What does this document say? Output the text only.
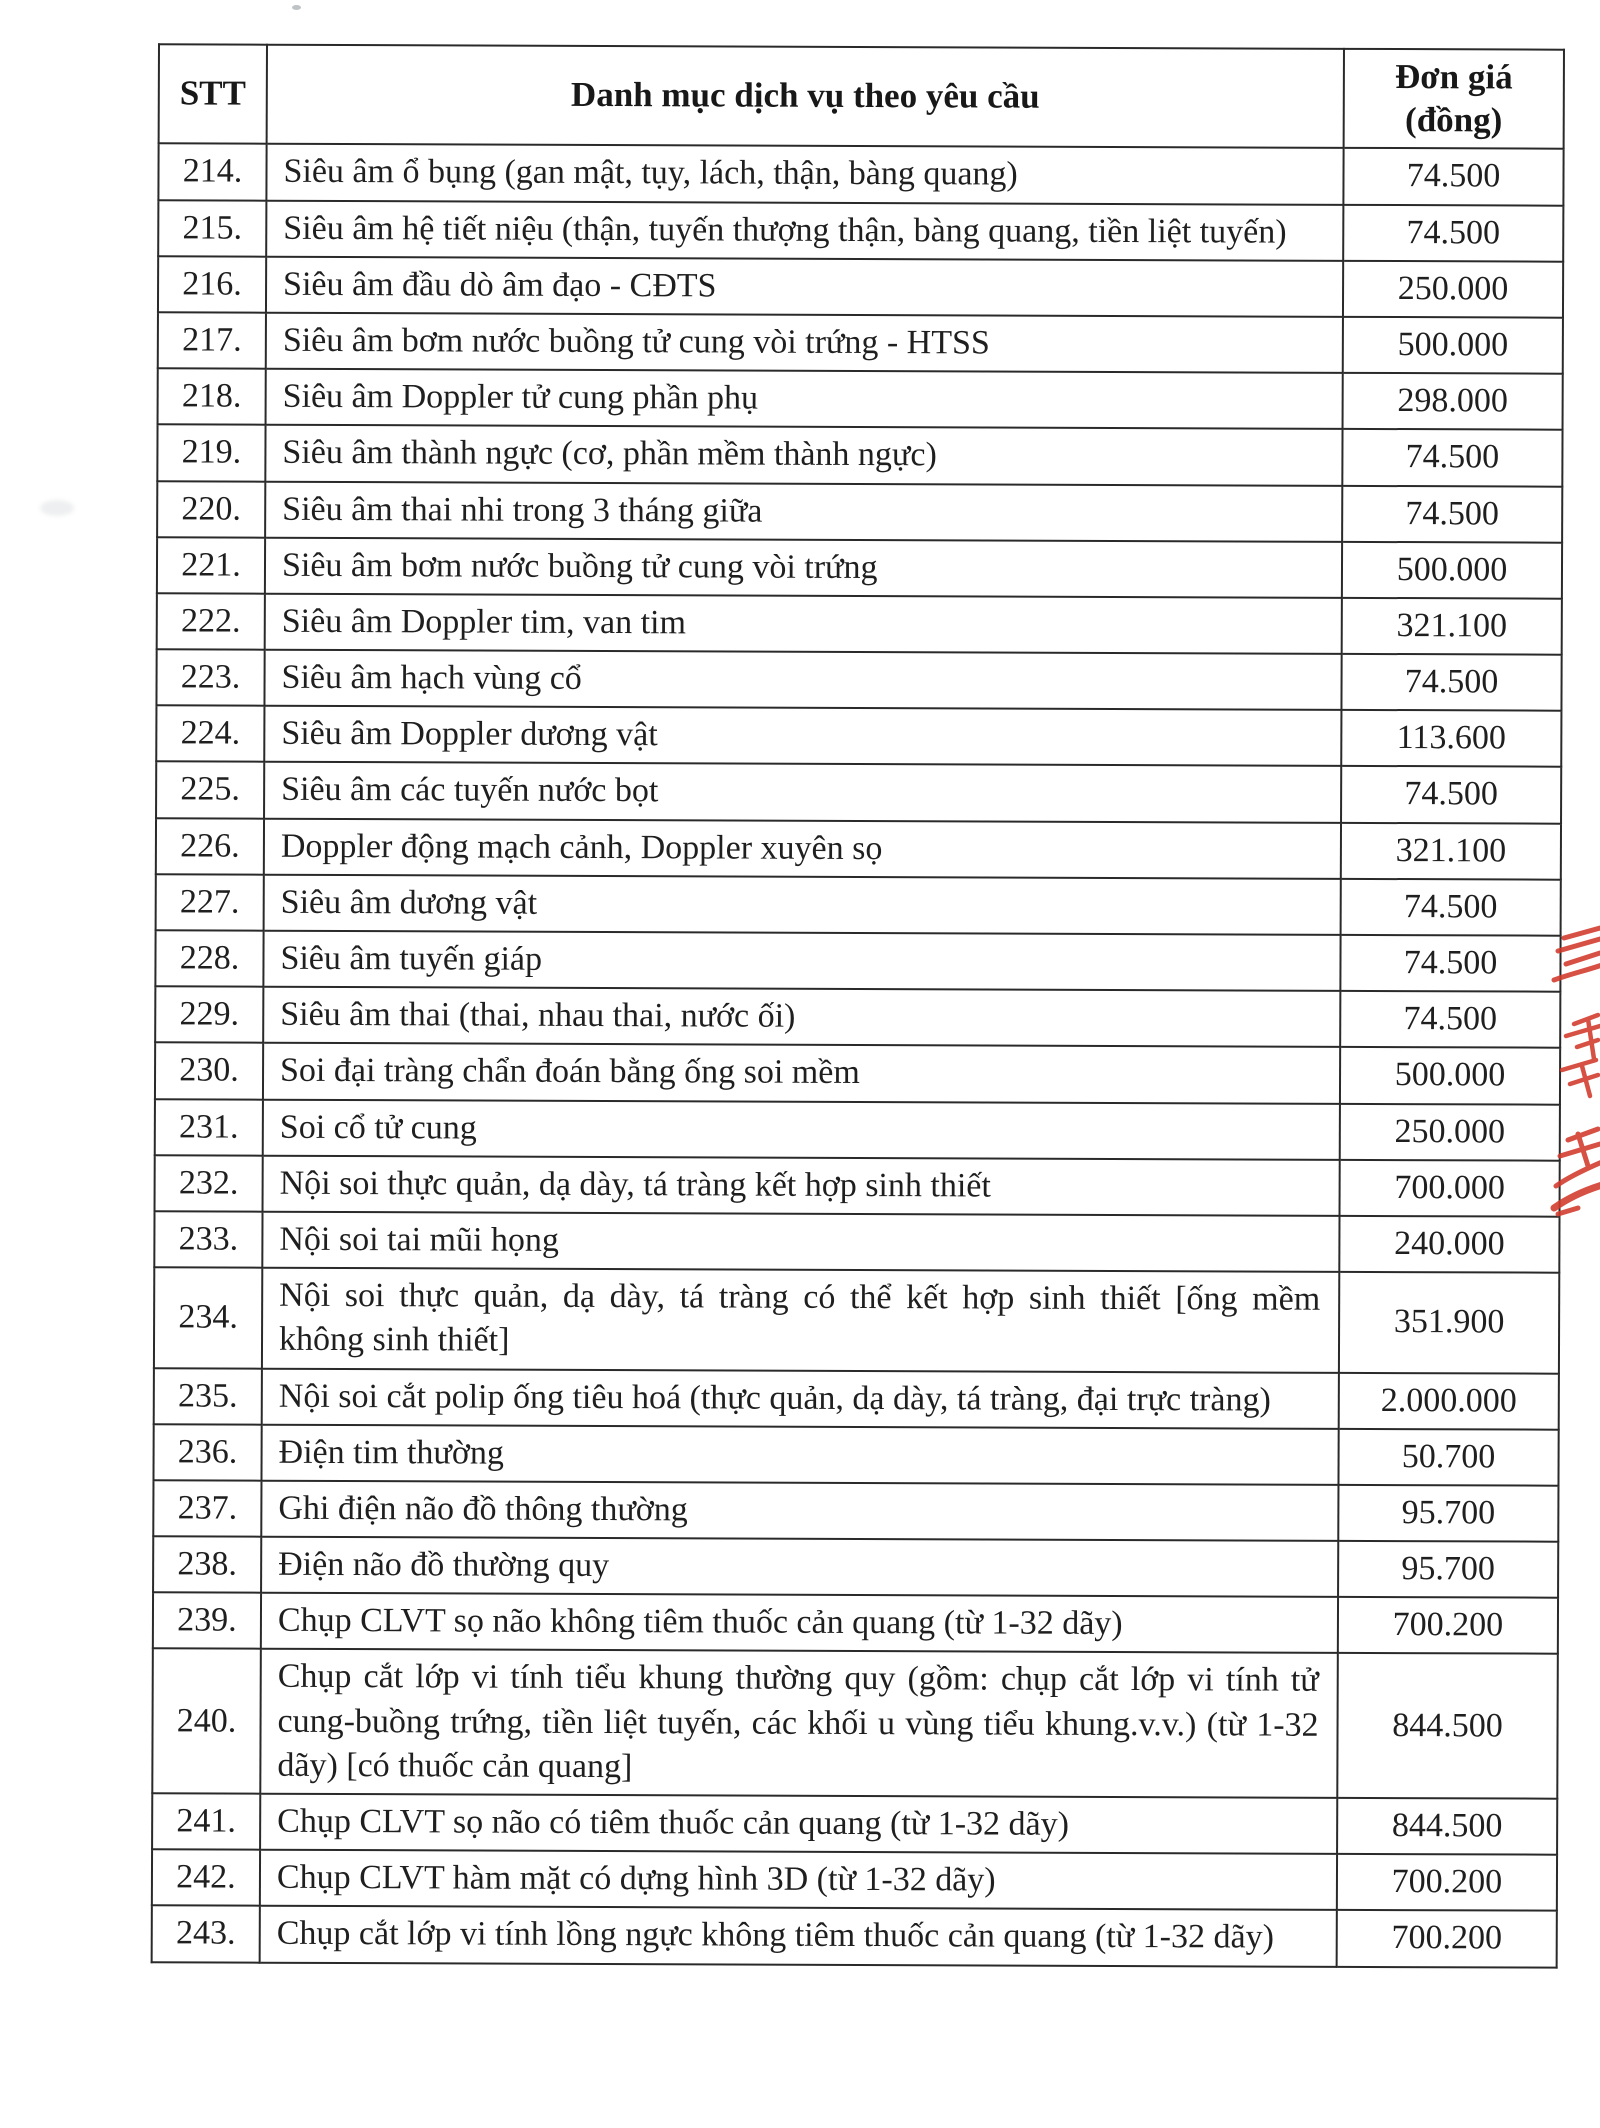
STT	Danh mục dịch vụ theo yêu cầu	Đơn giá (đồng)
214.	Siêu âm ổ bụng (gan mật, tụy, lách, thận, bàng quang)	74.500
215.	Siêu âm hệ tiết niệu (thận, tuyến thượng thận, bàng quang, tiền liệt tuyến)	74.500
216.	Siêu âm đầu dò âm đạo - CĐTS	250.000
217.	Siêu âm bơm nước buồng tử cung vòi trứng - HTSS	500.000
218.	Siêu âm Doppler tử cung phần phụ	298.000
219.	Siêu âm thành ngực (cơ, phần mềm thành ngực)	74.500
220.	Siêu âm thai nhi trong 3 tháng giữa	74.500
221.	Siêu âm bơm nước buồng tử cung vòi trứng	500.000
222.	Siêu âm Doppler tim, van tim	321.100
223.	Siêu âm hạch vùng cổ	74.500
224.	Siêu âm Doppler dương vật	113.600
225.	Siêu âm các tuyến nước bọt	74.500
226.	Doppler động mạch cảnh, Doppler xuyên sọ	321.100
227.	Siêu âm dương vật	74.500
228.	Siêu âm tuyến giáp	74.500
229.	Siêu âm thai (thai, nhau thai, nước ối)	74.500
230.	Soi đại tràng chẩn đoán bằng ống soi mềm	500.000
231.	Soi cổ tử cung	250.000
232.	Nội soi thực quản, dạ dày, tá tràng kết hợp sinh thiết	700.000
233.	Nội soi tai mũi họng	240.000
234.	Nội soi thực quản, dạ dày, tá tràng có thể kết hợp sinh thiết [ống mềm không sinh thiết]	351.900
235.	Nội soi cắt polip ống tiêu hoá (thực quản, dạ dày, tá tràng, đại trực tràng)	2.000.000
236.	Điện tim thường	50.700
237.	Ghi điện não đồ thông thường	95.700
238.	Điện não đồ thường quy	95.700
239.	Chụp CLVT sọ não không tiêm thuốc cản quang (từ 1-32 dãy)	700.200
240.	Chụp cắt lớp vi tính tiểu khung thường quy (gồm: chụp cắt lớp vi tính tử cung-buồng trứng, tiền liệt tuyến, các khối u vùng tiểu khung.v.v.) (từ 1-32 dãy) [có thuốc cản quang]	844.500
241.	Chụp CLVT sọ não có tiêm thuốc cản quang (từ 1-32 dãy)	844.500
242.	Chụp CLVT hàm mặt có dựng hình 3D (từ 1-32 dãy)	700.200
243.	Chụp cắt lớp vi tính lồng ngực không tiêm thuốc cản quang (từ 1-32 dãy)	700.200
